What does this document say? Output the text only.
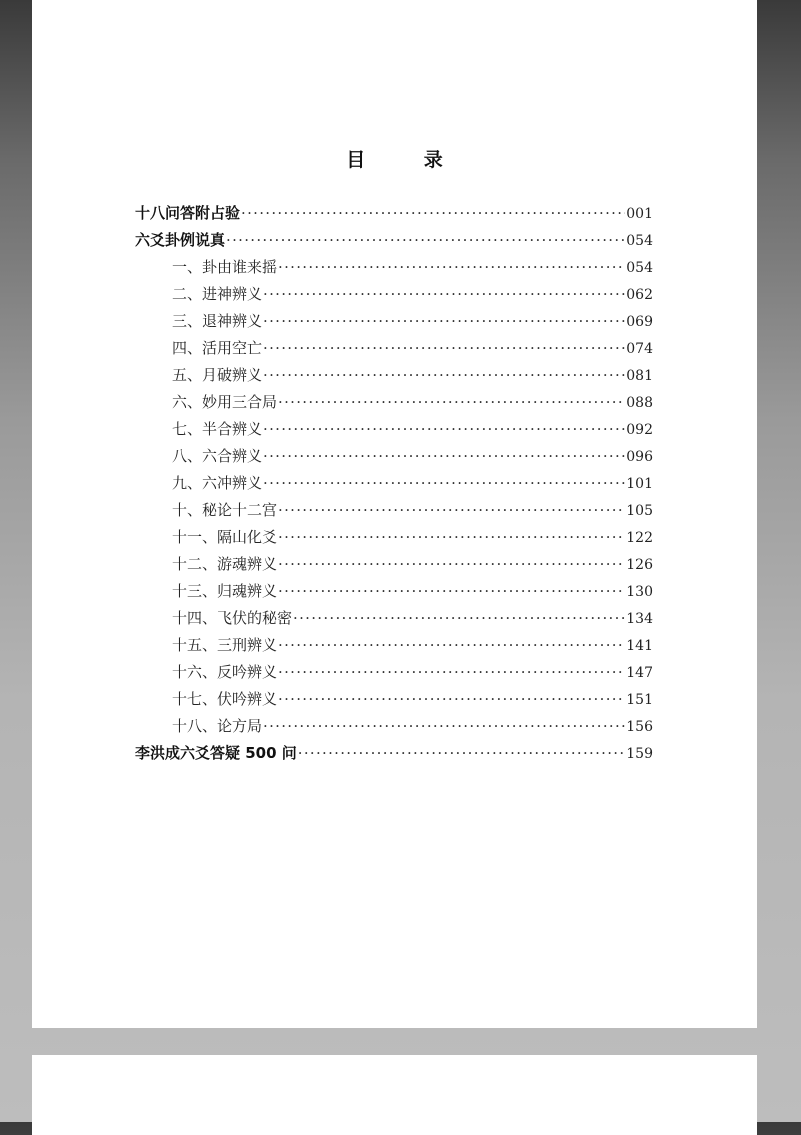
目 录
十八问答附占验 ·····	001
六爻卦例说真 ·····	054
一、卦由谁来摇 ·····	054
二、进神辨义 ·····	062
三、退神辨义 ·····	069
四、活用空亡 ·····	074
五、月破辨义 ·····	081
六、妙用三合局 ·····	088
七、半合辨义 ·····	092
八、六合辨义 ·····	096
九、六冲辨义 ·····	101
十、秘论十二宫 ·····	105
十一、隔山化爻 ·····	122
十二、游魂辨义 ·····	126
十三、归魂辨义 ·····	130
十四、飞伏的秘密 ·····	134
十五、三刑辨义 ·····	141
十六、反吟辨义 ·····	147
十七、伏吟辨义 ·····	151
十八、论方局 ·····	156
李洪成六爻答疑 500 问 ·····	159
